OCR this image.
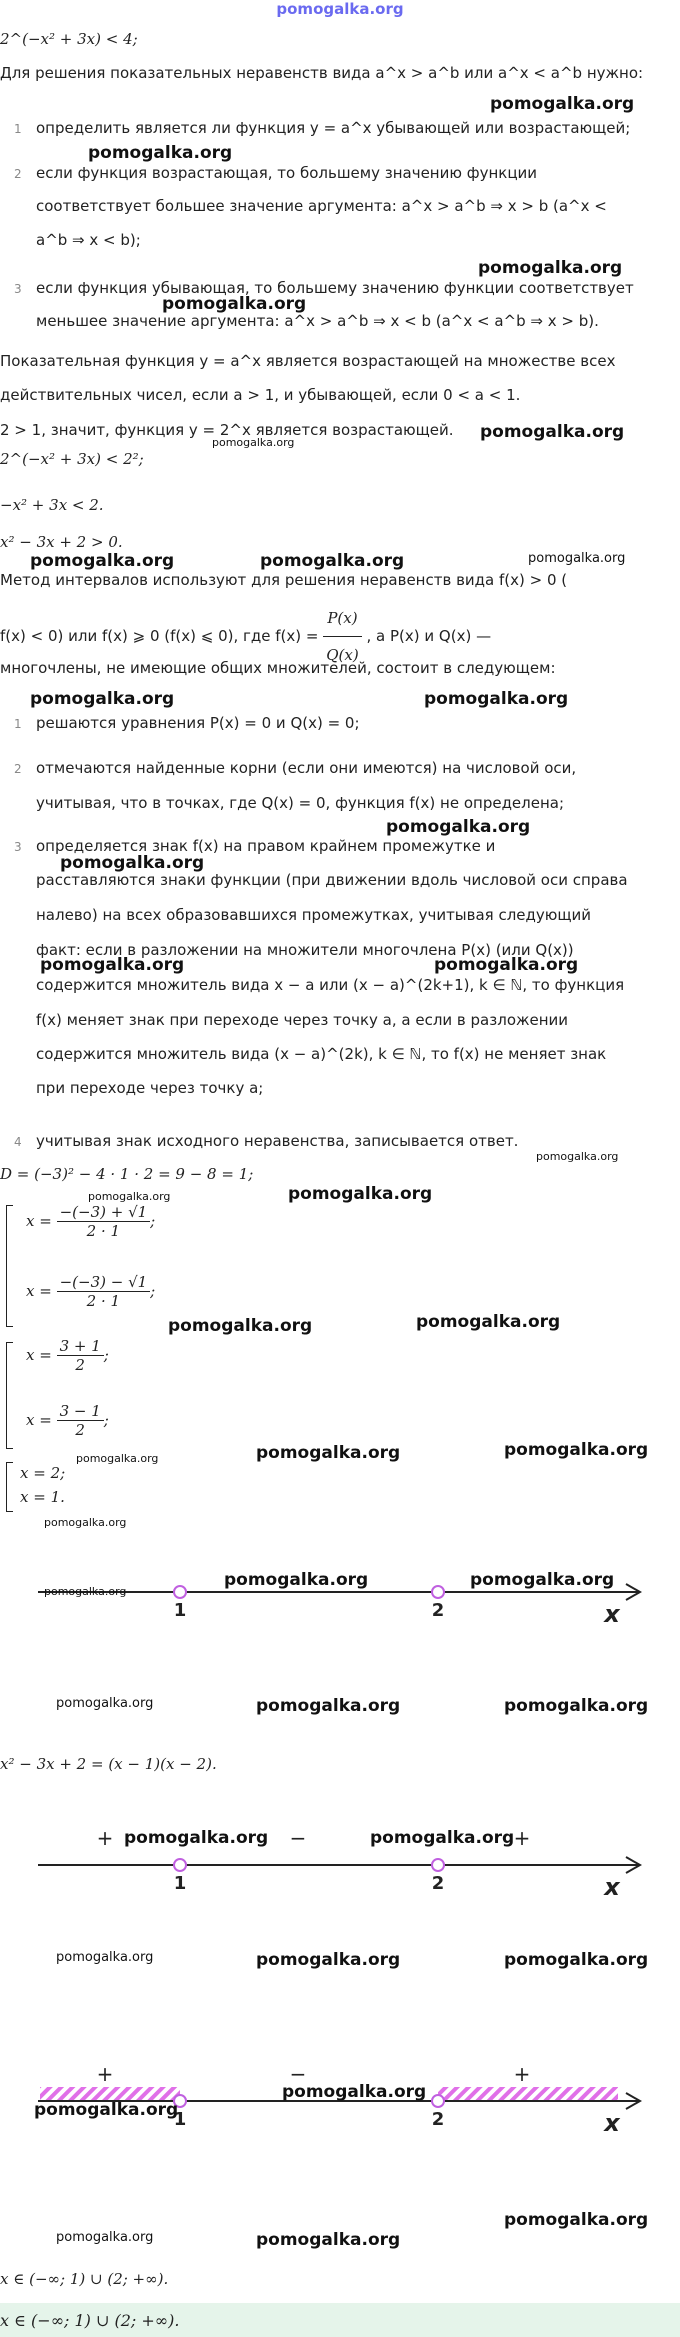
pomogalka.org
2^(−x² + 3x) < 4;
Для решения показательных неравенств вида a^x > a^b или a^x < a^b нужно:
1 определить является ли функция y = a^x убывающей или возрастающей;
2 если функция возрастающая, то большему значению функции
соответствует большее значение аргумента: a^x > a^b ⇒ x > b (a^x <
a^b ⇒ x < b);
3 если функция убывающая, то большему значению функции соответствует
меньшее значение аргумента: a^x > a^b ⇒ x < b (a^x < a^b ⇒ x > b).
Показательная функция y = a^x является возрастающей на множестве всех
действительных чисел, если a > 1, и убывающей, если 0 < a < 1.
2 > 1, значит, функция y = 2^x является возрастающей.
2^(−x² + 3x) < 2²;
−x² + 3x < 2.
x² − 3x + 2 > 0.
Метод интервалов используют для решения неравенств вида f(x) > 0 (
f(x) < 0) или f(x) ⩾ 0 (f(x) ⩽ 0), где $f(x) = \frac{P(x)}{Q(x)}$ , а P(x) и Q(x) —
многочлены, не имеющие общих множителей, состоит в следующем:
1 решаются уравнения P(x) = 0 и Q(x) = 0;
2 отмечаются найденные корни (если они имеются) на числовой оси,
учитывая, что в точках, где Q(x) = 0, функция f(x) не определена;
3 определяется знак f(x) на правом крайнем промежутке и
расставляются знаки функции (при движении вдоль числовой оси справа
налево) на всех образовавшихся промежутках, учитывая следующий
факт: если в разложении на множители многочлена P(x) (или Q(x))
содержится множитель вида x − a или (x − a)^(2k+1), k ∈ ℕ, то функция
f(x) меняет знак при переходе через точку a, а если в разложении
содержится множитель вида (x − a)^(2k), k ∈ ℕ, то f(x) не меняет знак
при переходе через точку a;
4 учитывая знак исходного неравенства, записывается ответ.
D = (−3)² − 4 · 1 · 2 = 9 − 8 = 1;
$x = \frac{-(-3) + √1}{2 \cdot 1}$ ;
$x = \frac{-(-3) - √1}{2 \cdot 1}$ ;
$x = \frac{3 + 1}{2}$ ;
$x = \frac{3 - 1}{2}$ ;
x = 2;
x = 1.
1	2	x
x² − 3x + 2 = (x − 1)(x − 2).
+	−	+
1	2	x
+	−	+
1	2	x
x ∈ (−∞; 1) ∪ (2; +∞).
x ∈ (−∞; 1) ∪ (2; +∞).
pomogalka.org
pomogalka.org
pomogalka.org
pomogalka.org
pomogalka.org
pomogalka.org
pomogalka.org
pomogalka.org	pomogalka.org
pomogalka.org	pomogalka.org
pomogalka.org
pomogalka.org
pomogalka.org	pomogalka.org
pomogalka.org
pomogalka.org	pomogalka.org
pomogalka.org	pomogalka.org
pomogalka.org	pomogalka.org
pomogalka.org
pomogalka.org
pomogalka.org	pomogalka.org
pomogalka.org
pomogalka.org	pomogalka.org	pomogalka.org
pomogalka.org	pomogalka.org
pomogalka.org	pomogalka.org	pomogalka.org
pomogalka.org
pomogalka.org
pomogalka.org	pomogalka.org
pomogalka.org
